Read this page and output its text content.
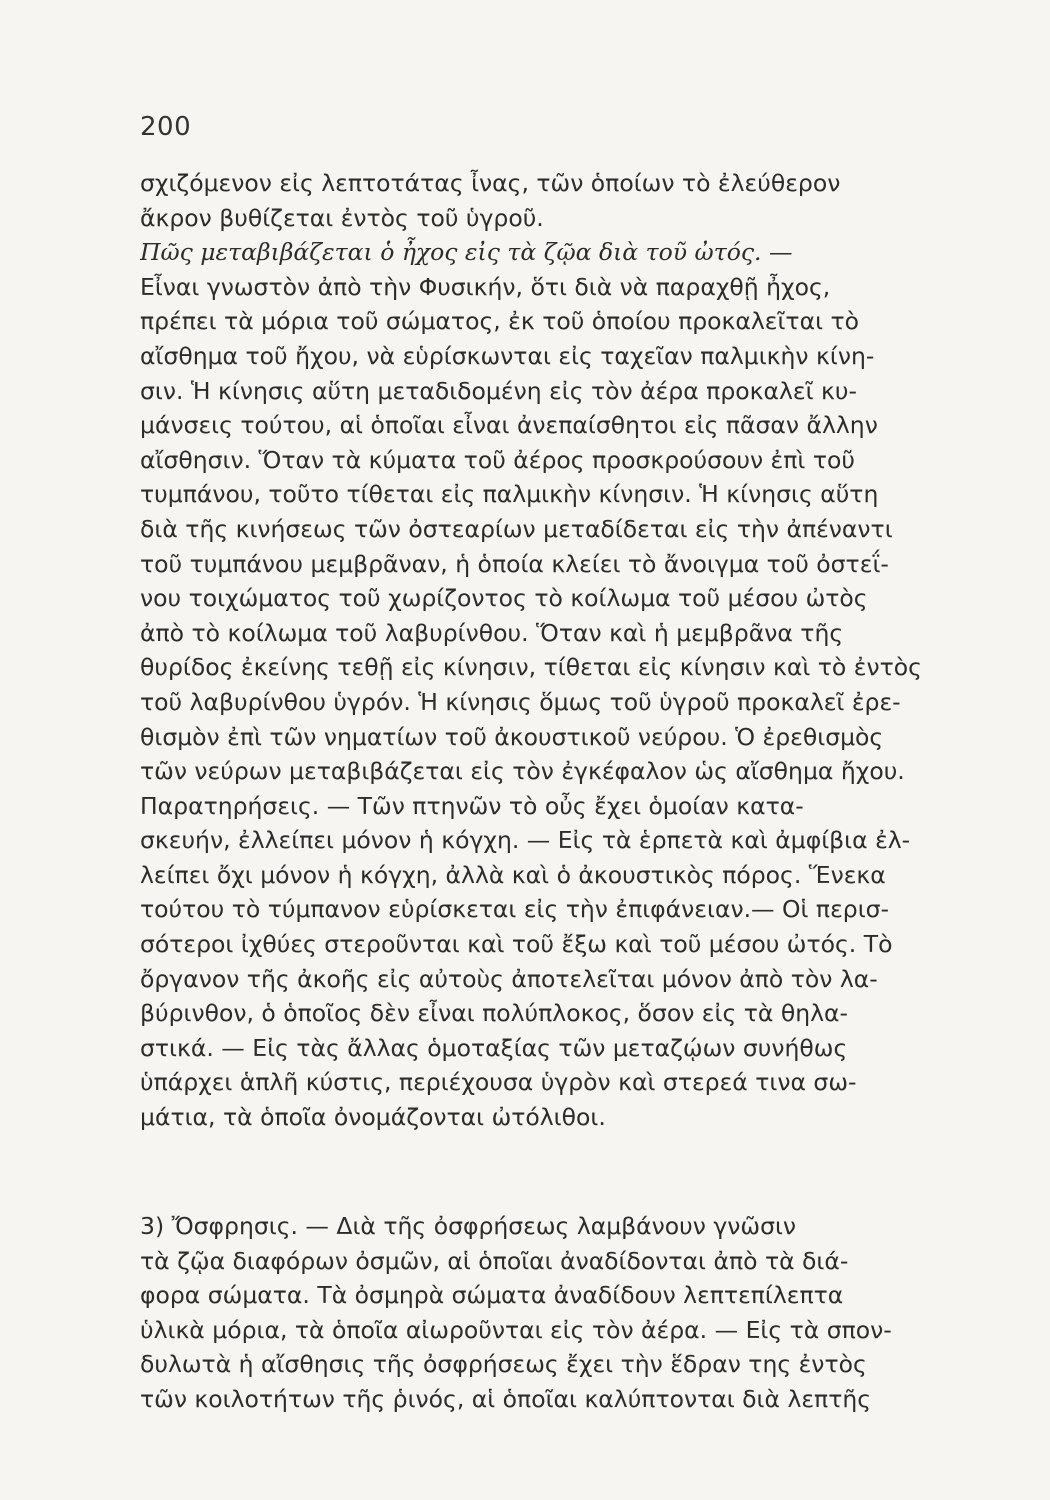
200
σχιζόμενον εἰς λεπτοτάτας ἶνας, τῶν ὁποίων τὸ ἐλεύθερον
ἄκρον βυθίζεται ἐντὸς τοῦ ὑγροῦ.
Πῶς μεταβιβάζεται ὁ ἦχος εἰς τὰ ζῷα διὰ τοῦ ὠτός. —
Εἶναι γνωστὸν ἀπὸ τὴν Φυσικήν, ὅτι διὰ νὰ παραχθῇ ἦχος,
πρέπει τὰ μόρια τοῦ σώματος, ἐκ τοῦ ὁποίου προκαλεῖται τὸ
αἴσθημα τοῦ ἤχου, νὰ εὑρίσκωνται εἰς ταχεῖαν παλμικὴν κίνη-
σιν. Ἡ κίνησις αὕτη μεταδιδομένη εἰς τὸν ἀέρα προκαλεῖ κυ-
μάνσεις τούτου, αἱ ὁποῖαι εἶναι ἀνεπαίσθητοι εἰς πᾶσαν ἄλλην
αἴσθησιν. Ὅταν τὰ κύματα τοῦ ἀέρος προσκρούσουν ἐπὶ τοῦ
τυμπάνου, τοῦτο τίθεται εἰς παλμικὴν κίνησιν. Ἡ κίνησις αὕτη
διὰ τῆς κινήσεως τῶν ὀστεαρίων μεταδίδεται εἰς τὴν ἀπέναντι
τοῦ τυμπάνου μεμβρᾶναν, ἡ ὁποία κλείει τὸ ἄνοιγμα τοῦ ὀστεΐ-
νου τοιχώματος τοῦ χωρίζοντος τὸ κοίλωμα τοῦ μέσου ὠτὸς
ἀπὸ τὸ κοίλωμα τοῦ λαβυρίνθου. Ὅταν καὶ ἡ μεμβρᾶνα τῆς
θυρίδος ἐκείνης τεθῇ εἰς κίνησιν, τίθεται εἰς κίνησιν καὶ τὸ ἐντὸς
τοῦ λαβυρίνθου ὑγρόν. Ἡ κίνησις ὅμως τοῦ ὑγροῦ προκαλεῖ ἐρε-
θισμὸν ἐπὶ τῶν νηματίων τοῦ ἀκουστικοῦ νεύρου. Ὁ ἐρεθισμὸς
τῶν νεύρων μεταβιβάζεται εἰς τὸν ἐγκέφαλον ὡς αἴσθημα ἤχου.
Παρατηρήσεις. — Τῶν πτηνῶν τὸ οὖς ἔχει ὁμοίαν κατα-
σκευήν, ἐλλείπει μόνον ἡ κόγχη. — Εἰς τὰ ἑρπετὰ καὶ ἀμφίβια ἐλ-
λείπει ὄχι μόνον ἡ κόγχη, ἀλλὰ καὶ ὁ ἀκουστικὸς πόρος. Ἕνεκα
τούτου τὸ τύμπανον εὑρίσκεται εἰς τὴν ἐπιφάνειαν.— Οἱ περισ-
σότεροι ἰχθύες στεροῦνται καὶ τοῦ ἔξω καὶ τοῦ μέσου ὠτός. Τὸ
ὄργανον τῆς ἀκοῆς εἰς αὐτοὺς ἀποτελεῖται μόνον ἀπὸ τὸν λα-
βύρινθον, ὁ ὁποῖος δὲν εἶναι πολύπλοκος, ὅσον εἰς τὰ θηλα-
στικά. — Εἰς τὰς ἄλλας ὁμοταξίας τῶν μεταζῴων συνήθως
ὑπάρχει ἁπλῆ κύστις, περιέχουσα ὑγρὸν καὶ στερεά τινα σω-
μάτια, τὰ ὁποῖα ὀνομάζονται ὠτόλιθοι.
3) Ὄσφρησις. — Διὰ τῆς ὀσφρήσεως λαμβάνουν γνῶσιν
τὰ ζῷα διαφόρων ὀσμῶν, αἱ ὁποῖαι ἀναδίδονται ἀπὸ τὰ διά-
φορα σώματα. Τὰ ὀσμηρὰ σώματα ἀναδίδουν λεπτεπίλεπτα
ὑλικὰ μόρια, τὰ ὁποῖα αἰωροῦνται εἰς τὸν ἀέρα. — Εἰς τὰ σπον-
δυλωτὰ ἡ αἴσθησις τῆς ὀσφρήσεως ἔχει τὴν ἕδραν της ἐντὸς
τῶν κοιλοτήτων τῆς ῥινός, αἱ ὁποῖαι καλύπτονται διὰ λεπτῆς
